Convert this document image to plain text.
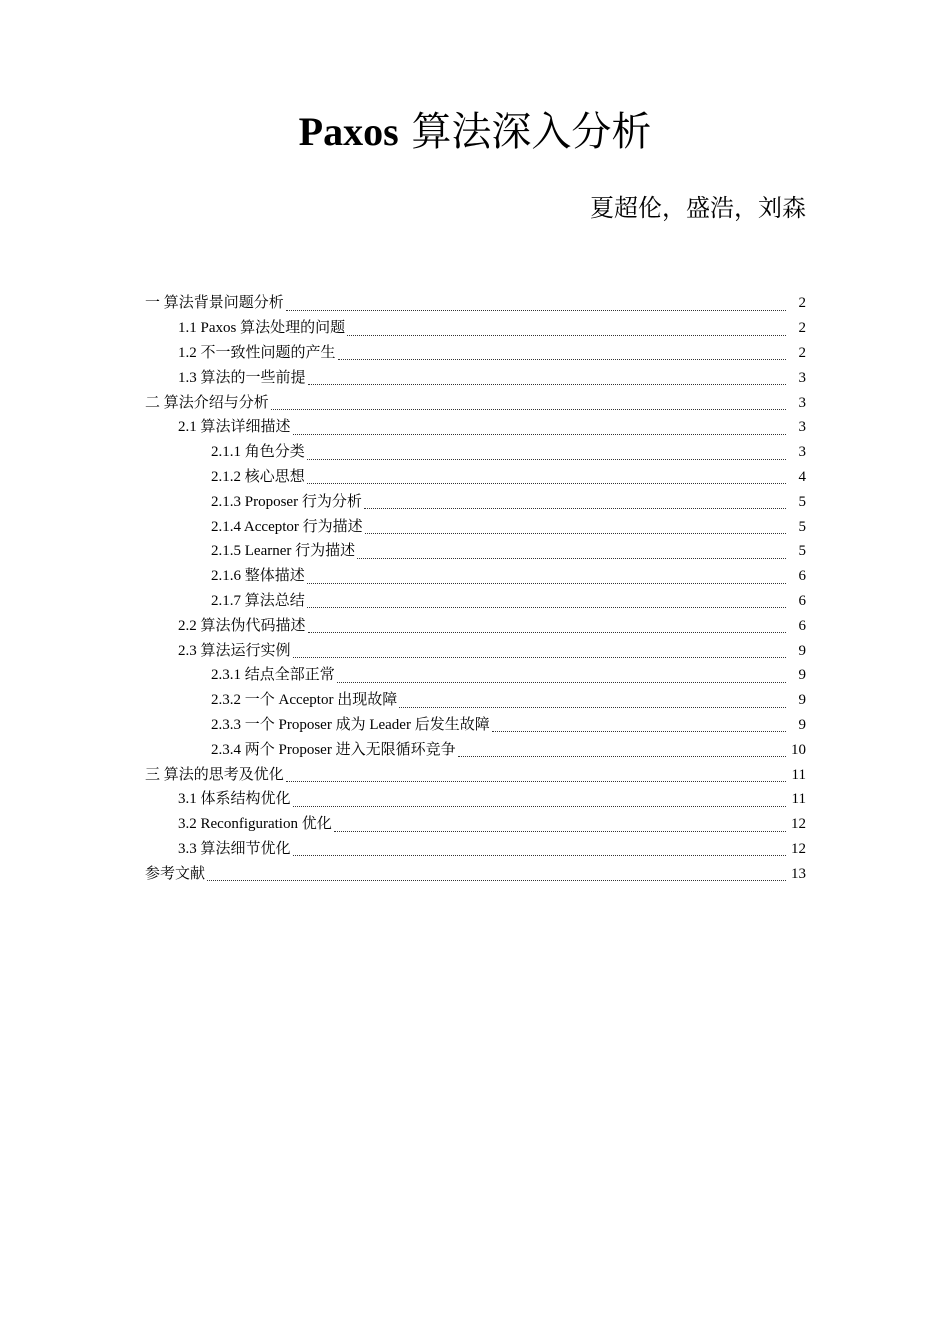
Paxos 算法深入分析
夏超伦，盛浩，刘森
一 算法背景问题分析	2
1.1 Paxos 算法处理的问题	2
1.2 不一致性问题的产生	2
1.3 算法的一些前提	3
二 算法介绍与分析	3
2.1 算法详细描述	3
2.1.1 角色分类	3
2.1.2 核心思想	4
2.1.3 Proposer 行为分析	5
2.1.4 Acceptor 行为描述	5
2.1.5 Learner 行为描述	5
2.1.6 整体描述	6
2.1.7 算法总结	6
2.2 算法伪代码描述	6
2.3 算法运行实例	9
2.3.1 结点全部正常	9
2.3.2 一个 Acceptor 出现故障	9
2.3.3 一个 Proposer 成为 Leader 后发生故障	9
2.3.4 两个 Proposer 进入无限循环竞争	10
三 算法的思考及优化	11
3.1 体系结构优化	11
3.2 Reconfiguration 优化	12
3.3 算法细节优化	12
参考文献	13
